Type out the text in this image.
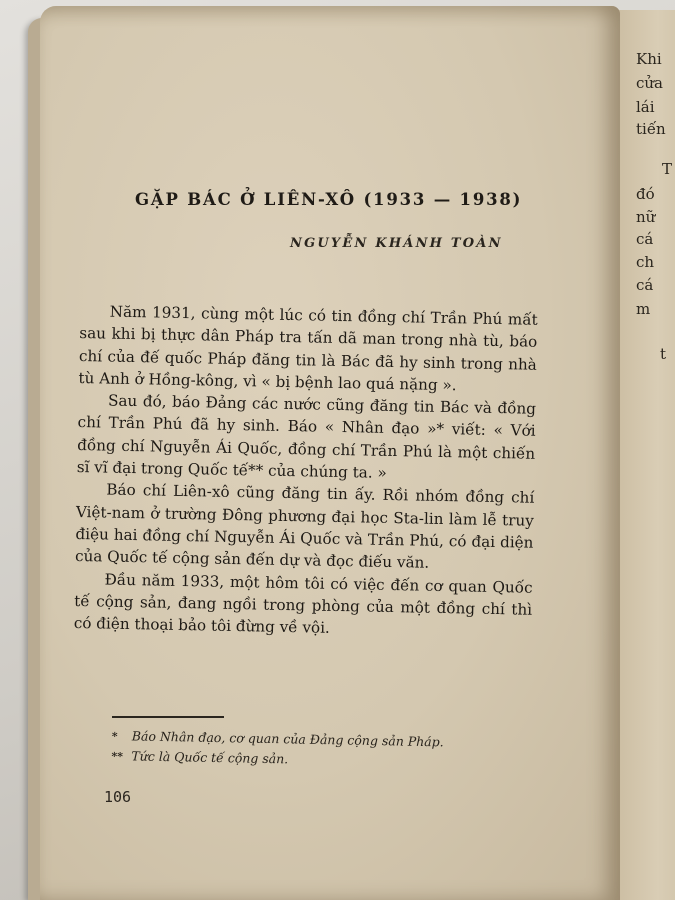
Khi
cửa
lái
tiến
T
đó
nữ
cá
ch
cá
m
t
GẶP BÁC Ở LIÊN-XÔ (1933 — 1938)
NGUYỄN KHÁNH TOÀN

Năm 1931, cùng một lúc có tin đồng chí Trần Phú mất sau khi bị thực dân Pháp tra tấn dã man trong nhà tù, báo chí của đế quốc Pháp đăng tin là Bác đã hy sinh trong nhà tù Anh ở Hồng-kông, vì « bị bệnh lao quá nặng ».

Sau đó, báo Đảng các nước cũng đăng tin Bác và đồng chí Trần Phú đã hy sinh. Báo « Nhân đạo »* viết: « Với đồng chí Nguyễn Ái Quốc, đồng chí Trần Phú là một chiến sĩ vĩ đại trong Quốc tế** của chúng ta. »

Báo chí Liên-xô cũng đăng tin ấy. Rồi nhóm đồng chí Việt-nam ở trường Đông phương đại học Sta-lin làm lễ truy điệu hai đồng chí Nguyễn Ái Quốc và Trần Phú, có đại diện của Quốc tế cộng sản đến dự và đọc điếu văn.

Đầu năm 1933, một hôm tôi có việc đến cơ quan Quốc tế cộng sản, đang ngồi trong phòng của một đồng chí thì có điện thoại bảo tôi đừng về vội.

* Báo Nhân đạo, cơ quan của Đảng cộng sản Pháp.
** Tức là Quốc tế cộng sản.
106
